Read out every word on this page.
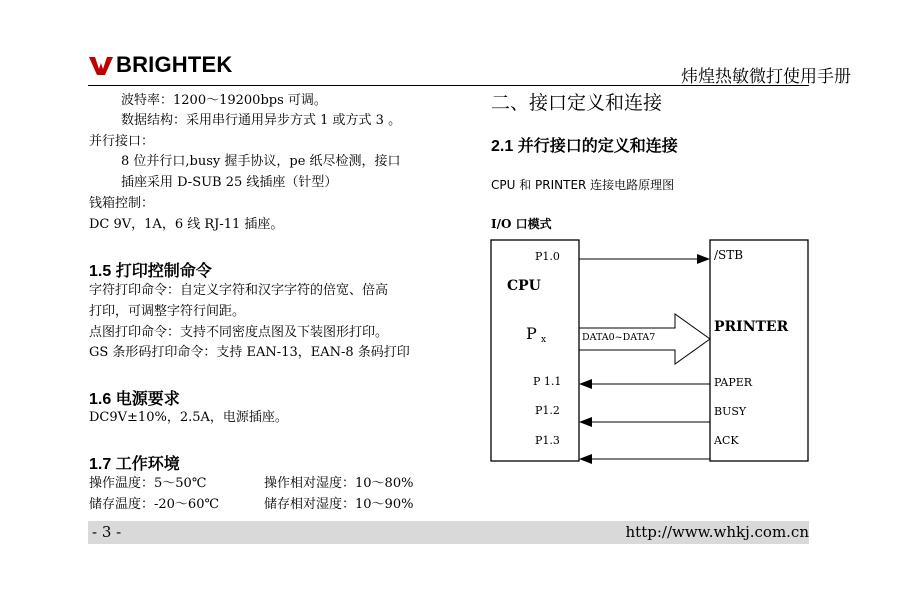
BRIGHTEK	炜煌热敏微打使用手册
波特率：1200～19200bps 可调。
数据结构：采用串行通用异步方式 1 或方式 3 。
并行接口：
8 位并行口,busy 握手协议，pe 纸尽检测，接口
插座采用 D-SUB 25 线插座（针型）
钱箱控制：
DC 9V，1A，6 线 RJ-11 插座。
1.5 打印控制命令
字符打印命令：自定义字符和汉字字符的倍宽、倍高
打印，可调整字符行间距。
点图打印命令：支持不同密度点图及下装图形打印。
GS 条形码打印命令：支持 EAN-13，EAN-8 条码打印
1.6 电源要求
DC9V±10%，2.5A，电源插座。
1.7 工作环境
操作温度：5～50℃	操作相对湿度：10～80%
储存温度：-20～60℃	储存相对湿度：10～90%
二、接口定义和连接
2.1 并行接口的定义和连接
CPU 和 PRINTER 连接电路原理图
I/O 口模式
P1.0
CPU
P x
P 1.1
P1.2
P1.3
DATA0~DATA7
/STB
PRINTER
PAPER
BUSY
ACK
- 3 -	http://www.whkj.com.cn
